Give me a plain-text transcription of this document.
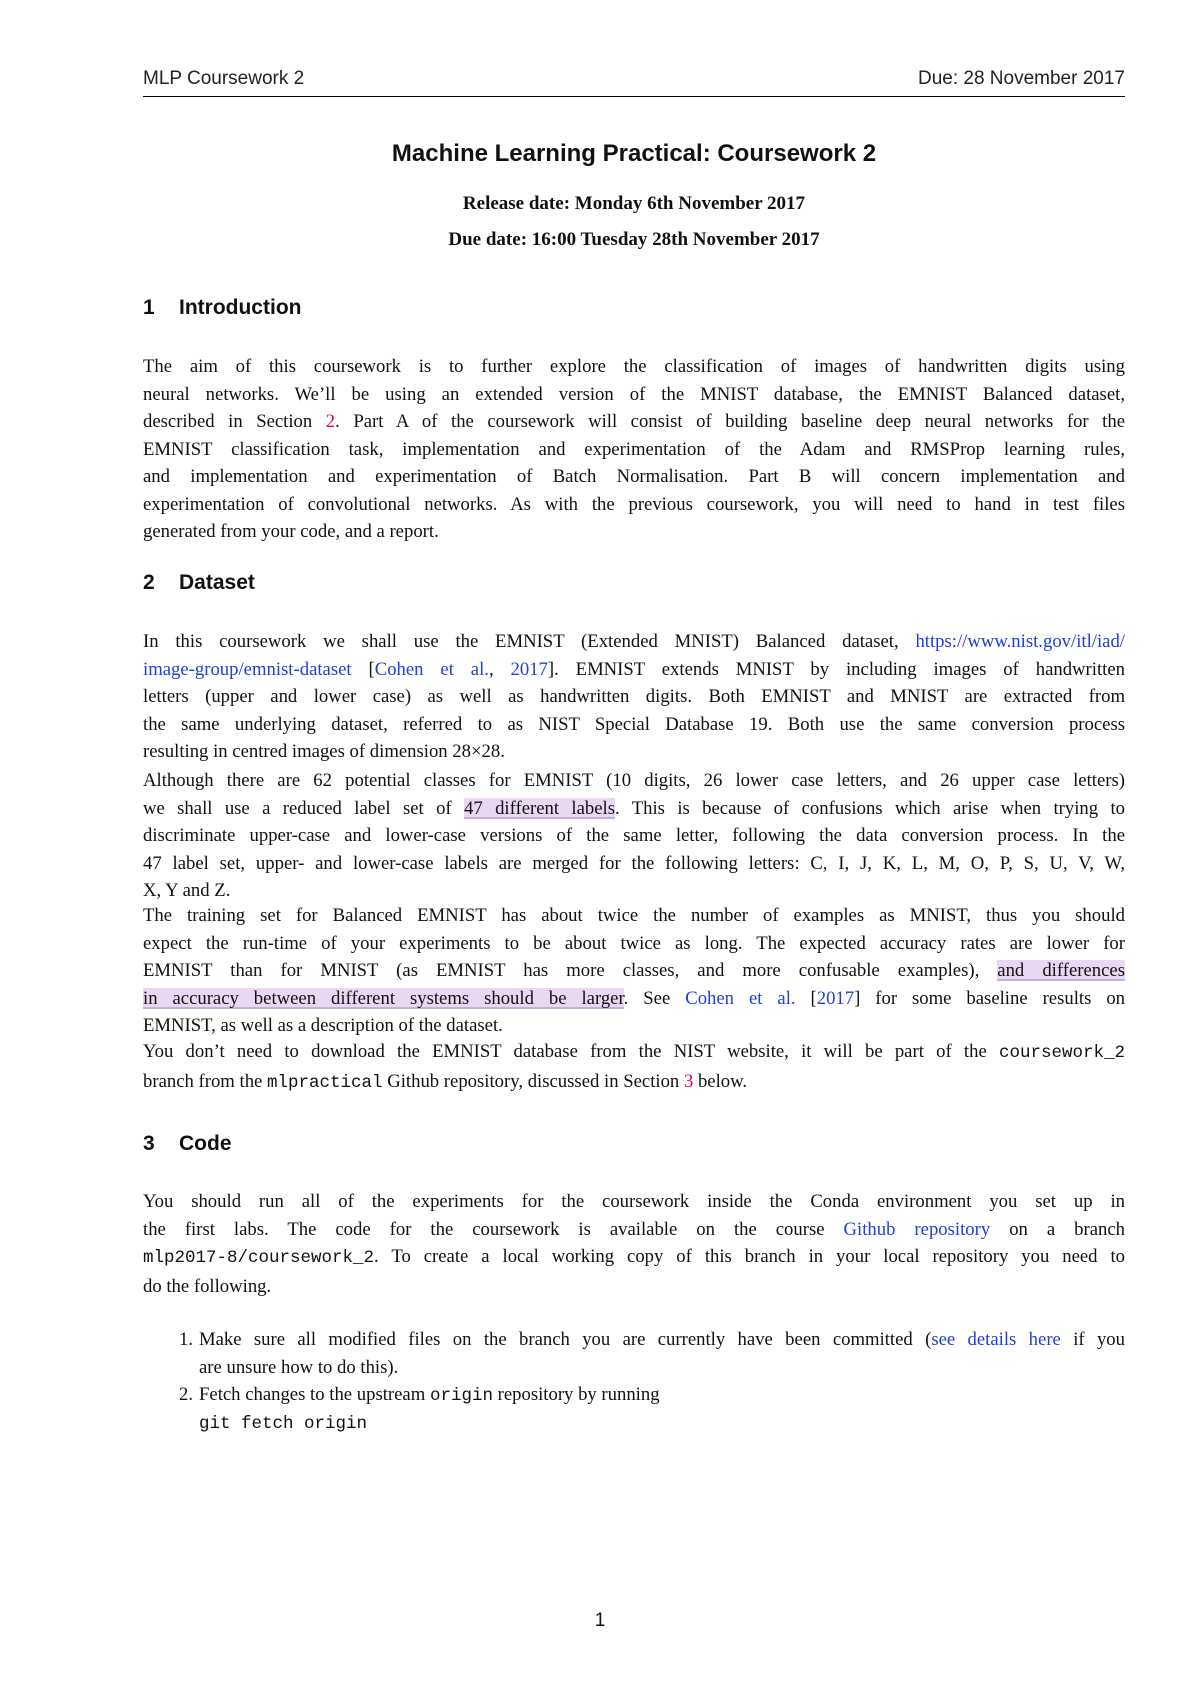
MLP Coursework 2	Due: 28 November 2017
Machine Learning Practical: Coursework 2
Release date: Monday 6th November 2017
Due date: 16:00 Tuesday 28th November 2017
1 Introduction
The aim of this coursework is to further explore the classification of images of handwritten digits using
neural networks. We’ll be using an extended version of the MNIST database, the EMNIST Balanced dataset,
described in Section 2. Part A of the coursework will consist of building baseline deep neural networks for the
EMNIST classification task, implementation and experimentation of the Adam and RMSProp learning rules,
and implementation and experimentation of Batch Normalisation. Part B will concern implementation and
experimentation of convolutional networks. As with the previous coursework, you will need to hand in test files
generated from your code, and a report.
2 Dataset
In this coursework we shall use the EMNIST (Extended MNIST) Balanced dataset, https://www.nist.gov/itl/iad/
image-group/emnist-dataset [Cohen et al., 2017]. EMNIST extends MNIST by including images of handwritten
letters (upper and lower case) as well as handwritten digits. Both EMNIST and MNIST are extracted from
the same underlying dataset, referred to as NIST Special Database 19. Both use the same conversion process
resulting in centred images of dimension 28×28.
Although there are 62 potential classes for EMNIST (10 digits, 26 lower case letters, and 26 upper case letters)
we shall use a reduced label set of 47 different labels. This is because of confusions which arise when trying to
discriminate upper-case and lower-case versions of the same letter, following the data conversion process. In the
47 label set, upper- and lower-case labels are merged for the following letters: C, I, J, K, L, M, O, P, S, U, V, W,
X, Y and Z.
The training set for Balanced EMNIST has about twice the number of examples as MNIST, thus you should
expect the run-time of your experiments to be about twice as long. The expected accuracy rates are lower for
EMNIST than for MNIST (as EMNIST has more classes, and more confusable examples), and differences
in accuracy between different systems should be larger. See Cohen et al. [2017] for some baseline results on
EMNIST, as well as a description of the dataset.
You don’t need to download the EMNIST database from the NIST website, it will be part of the coursework_2
branch from the mlpractical Github repository, discussed in Section 3 below.
3 Code
You should run all of the experiments for the coursework inside the Conda environment you set up in
the first labs. The code for the coursework is available on the course Github repository on a branch
mlp2017-8/coursework_2. To create a local working copy of this branch in your local repository you need to
do the following.
1. Make sure all modified files on the branch you are currently have been committed (see details here if you
are unsure how to do this).
2. Fetch changes to the upstream origin repository by running
git fetch origin
1
